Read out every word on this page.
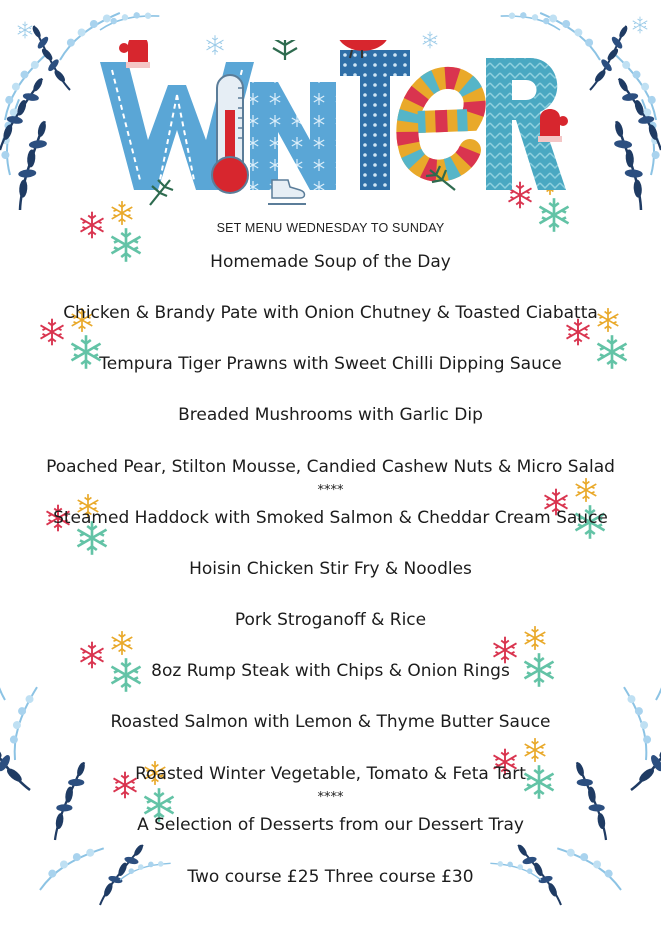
SET MENU WEDNESDAY TO SUNDAY
Homemade Soup of the Day
Chicken & Brandy Pate with Onion Chutney & Toasted Ciabatta
Tempura Tiger Prawns with Sweet Chilli Dipping Sauce
Breaded Mushrooms with Garlic Dip
Poached Pear, Stilton Mousse, Candied Cashew Nuts & Micro Salad
****
Steamed Haddock with Smoked Salmon & Cheddar Cream Sauce
Hoisin Chicken Stir Fry & Noodles
Pork Stroganoff & Rice
8oz Rump Steak with Chips & Onion Rings
Roasted Salmon with Lemon & Thyme Butter Sauce
Roasted Winter Vegetable, Tomato & Feta Tart
****
A Selection of Desserts from our Dessert Tray
Two course £25 Three course £30
